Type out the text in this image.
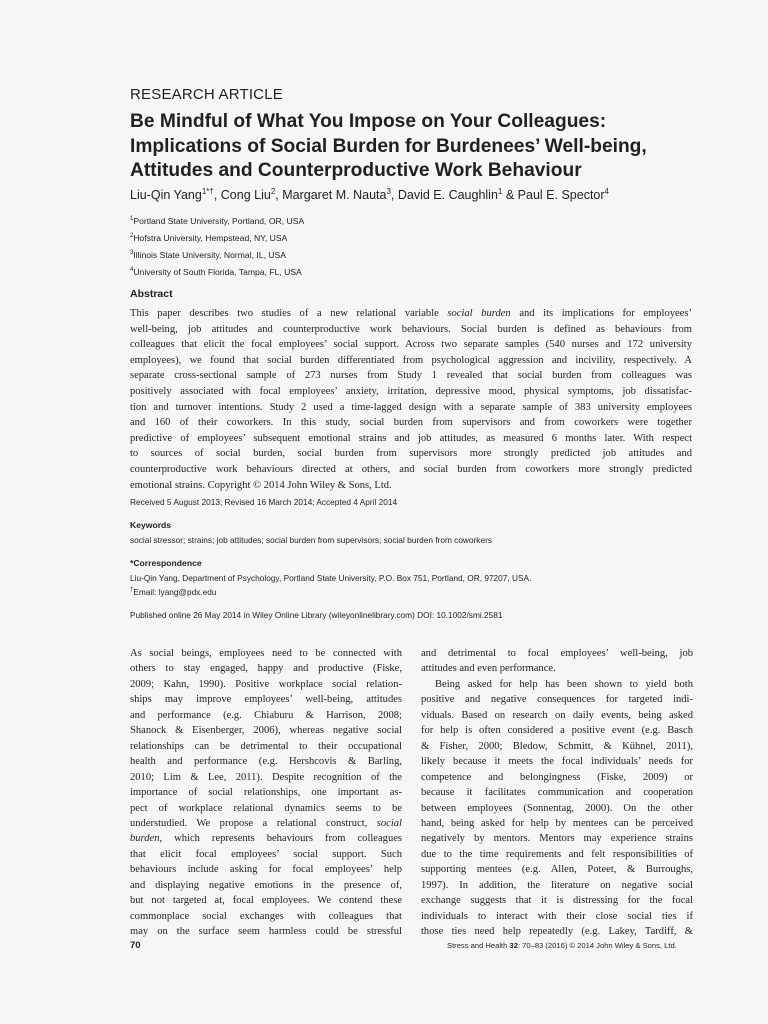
RESEARCH ARTICLE
Be Mindful of What You Impose on Your Colleagues:
Implications of Social Burden for Burdenees’ Well-being,
Attitudes and Counterproductive Work Behaviour
Liu-Qin Yang$^{1*\dagger}$, Cong Liu$^2$, Margaret M. Nauta$^3$, David E. Caughlin$^1$ & Paul E. Spector$^4$
$^1$Portland State University, Portland, OR, USA
$^2$Hofstra University, Hempstead, NY, USA
$^3$Illinois State University, Normal, IL, USA
$^4$University of South Florida, Tampa, FL, USA
Abstract
This paper describes two studies of a new relational variable social burden and its implications for employees’
well-being, job attitudes and counterproductive work behaviours. Social burden is defined as behaviours from
colleagues that elicit the focal employees’ social support. Across two separate samples (540 nurses and 172 university
employees), we found that social burden differentiated from psychological aggression and incivility, respectively. A
separate cross-sectional sample of 273 nurses from Study 1 revealed that social burden from colleagues was
positively associated with focal employees’ anxiety, irritation, depressive mood, physical symptoms, job dissatisfac-
tion and turnover intentions. Study 2 used a time-lagged design with a separate sample of 383 university employees
and 160 of their coworkers. In this study, social burden from supervisors and from coworkers were together
predictive of employees’ subsequent emotional strains and job attitudes, as measured 6 months later. With respect
to sources of social burden, social burden from supervisors more strongly predicted job attitudes and
counterproductive work behaviours directed at others, and social burden from coworkers more strongly predicted
emotional strains. Copyright © 2014 John Wiley & Sons, Ltd.
Received 5 August 2013; Revised 16 March 2014; Accepted 4 April 2014
Keywords
social stressor; strains; job attitudes; social burden from supervisors; social burden from coworkers
*Correspondence
Liu-Qin Yang, Department of Psychology, Portland State University, P.O. Box 751, Portland, OR, 97207, USA.
†Email: lyang@pdx.edu
Published online 26 May 2014 in Wiley Online Library (wileyonlinelibrary.com) DOI: 10.1002/smi.2581
As social beings, employees need to be connected with
others to stay engaged, happy and productive (Fiske,
2009; Kahn, 1990). Positive workplace social relation-
ships may improve employees’ well-being, attitudes
and performance (e.g. Chiaburu & Harrison, 2008;
Shanock & Eisenberger, 2006), whereas negative social
relationships can be detrimental to their occupational
health and performance (e.g. Hershcovis & Barling,
2010; Lim & Lee, 2011). Despite recognition of the
importance of social relationships, one important as-
pect of workplace relational dynamics seems to be
understudied. We propose a relational construct, social
burden, which represents behaviours from colleagues
that elicit focal employees’ social support. Such
behaviours include asking for focal employees’ help
and displaying negative emotions in the presence of,
but not targeted at, focal employees. We contend these
commonplace social exchanges with colleagues that
may on the surface seem harmless could be stressful
and detrimental to focal employees’ well-being, job
attitudes and even performance.
Being asked for help has been shown to yield both
positive and negative consequences for targeted indi-
viduals. Based on research on daily events, being asked
for help is often considered a positive event (e.g. Basch
& Fisher, 2000; Bledow, Schmitt, & Kühnel, 2011),
likely because it meets the focal individuals’ needs for
competence and belongingness (Fiske, 2009) or
because it facilitates communication and cooperation
between employees (Sonnentag, 2000). On the other
hand, being asked for help by mentees can be perceived
negatively by mentors. Mentors may experience strains
due to the time requirements and felt responsibilities of
supporting mentees (e.g. Allen, Poteet, & Burroughs,
1997). In addition, the literature on negative social
exchange suggests that it is distressing for the focal
individuals to interact with their close social ties if
those ties need help repeatedly (e.g. Lakey, Tardiff, &
70	Stress and Health 32: 70–83 (2016) © 2014 John Wiley & Sons, Ltd.
